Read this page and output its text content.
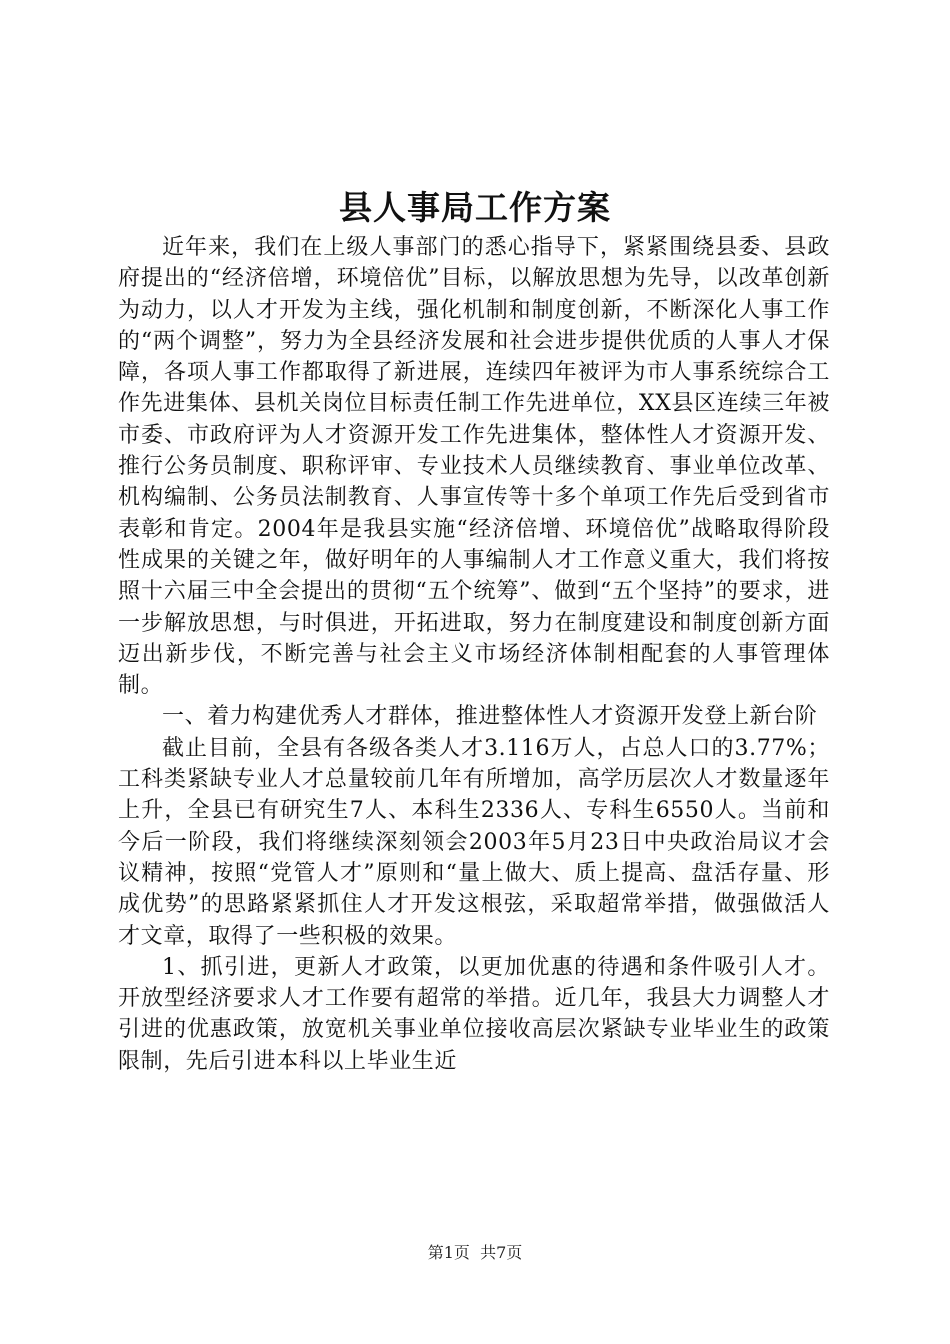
县人事局工作方案

近年来，我们在上级人事部门的悉心指导下，紧紧围绕县委、县政府提出的“经济倍增，环境倍优”目标，以解放思想为先导，以改革创新为动力，以人才开发为主线，强化机制和制度创新，不断深化人事工作的“两个调整”，努力为全县经济发展和社会进步提供优质的人事人才保障，各项人事工作都取得了新进展，连续四年被评为市人事系统综合工作先进集体、县机关岗位目标责任制工作先进单位，XX县区连续三年被市委、市政府评为人才资源开发工作先进集体，整体性人才资源开发、推行公务员制度、职称评审、专业技术人员继续教育、事业单位改革、机构编制、公务员法制教育、人事宣传等十多个单项工作先后受到省市表彰和肯定。2004年是我县实施“经济倍增、环境倍优”战略取得阶段性成果的关键之年，做好明年的人事编制人才工作意义重大，我们将按照十六届三中全会提出的贯彻“五个统筹”、做到“五个坚持”的要求，进一步解放思想，与时俱进，开拓进取，努力在制度建设和制度创新方面迈出新步伐，不断完善与社会主义市场经济体制相配套的人事管理体制。

一、着力构建优秀人才群体，推进整体性人才资源开发登上新台阶

截止目前，全县有各级各类人才3.116万人，占总人口的3.77%；工科类紧缺专业人才总量较前几年有所增加，高学历层次人才数量逐年上升，全县已有研究生7人、本科生2336人、专科生6550人。当前和今后一阶段，我们将继续深刻领会2003年5月23日中央政治局议才会议精神，按照“党管人才”原则和“量上做大、质上提高、盘活存量、形成优势”的思路紧紧抓住人才开发这根弦，采取超常举措，做强做活人才文章，取得了一些积极的效果。

1、抓引进，更新人才政策，以更加优惠的待遇和条件吸引人才。开放型经济要求人才工作要有超常的举措。近几年，我县大力调整人才引进的优惠政策，放宽机关事业单位接收高层次紧缺专业毕业生的政策限制，先后引进本科以上毕业生近

第1页 共7页
